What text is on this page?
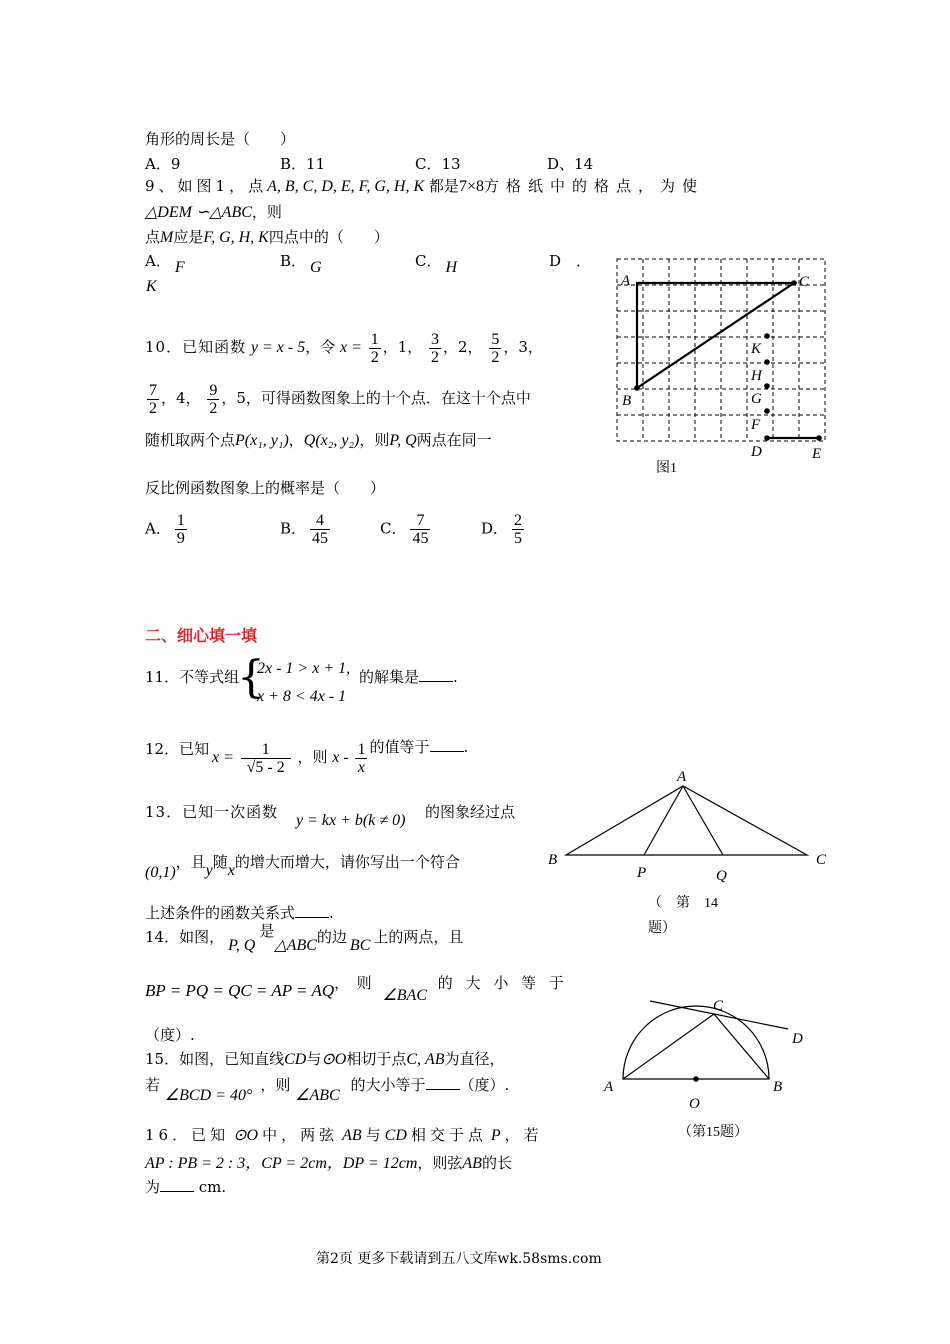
角形的周长是（　　）
A．9	B．11	C．13	D、14
9、如图1，点A, B, C, D, E, F, G, H, K 都是7×8方格纸中的格点，为使
△DEM ∽△ABC，则
点M应是F, G, H, K四点中的（　　）
A． F	B． G	C． H	D　．
K	A	C
B
K
H
G
F
D	E
图1
10．已知函数 y = x - 5，令 $x = \frac{1}{2}$ ，1， $\frac{3}{2}$ ，2， $\frac{5}{2}$ ，3，
$\frac{7}{2}$ ，4， $\frac{9}{2}$ ，5，可得函数图象上的十个点．在这十个点中
随机取两个点P(x₁, y₁)，Q(x₂, y₂)，则P, Q两点在同一
反比例函数图象上的概率是（　　）
A． $\frac{1}{9}$	B． $\frac{4}{45}$	C． $\frac{7}{45}$	D． $\frac{2}{5}$
二、细心填一填
11．不等式组
{
2x - 1 > x + 1,
x + 8 < 4x - 1
的解集是 .
12．已知 $x = \frac{1}{√5 - 2}$ ，则 x - $\frac{1}{x}$ 的值等于 .
13．已知一次函数 y = kx + b(k ≠ 0) 的图象经过点
(0,1)，且y随x的增大而增大，请你写出一个符合
上述条件的函数关系式 .
A
B	C
P	Q
（　第　14
题）
14．如图， P, Q是△ABC的边 BC 上的两点，且
BP = PQ = QC = AP = AQ，　则 ∠BAC 的 大 小 等 于
（度）.
C
D
A	B
O
（第15题）
15．如图，已知直线CD与⊙O相切于点C, AB为直径，
若 ∠BCD = 40°，则 ∠ABC 的大小等于 （度）.
16．已知 ⊙O 中，两弦 AB 与 CD 相交于点 P ，若
AP : PB = 2 : 3，CP = 2cm，DP = 12cm，则弦AB的长
为 cm.
第2页 更多下载请到五八文库wk.58sms.com
